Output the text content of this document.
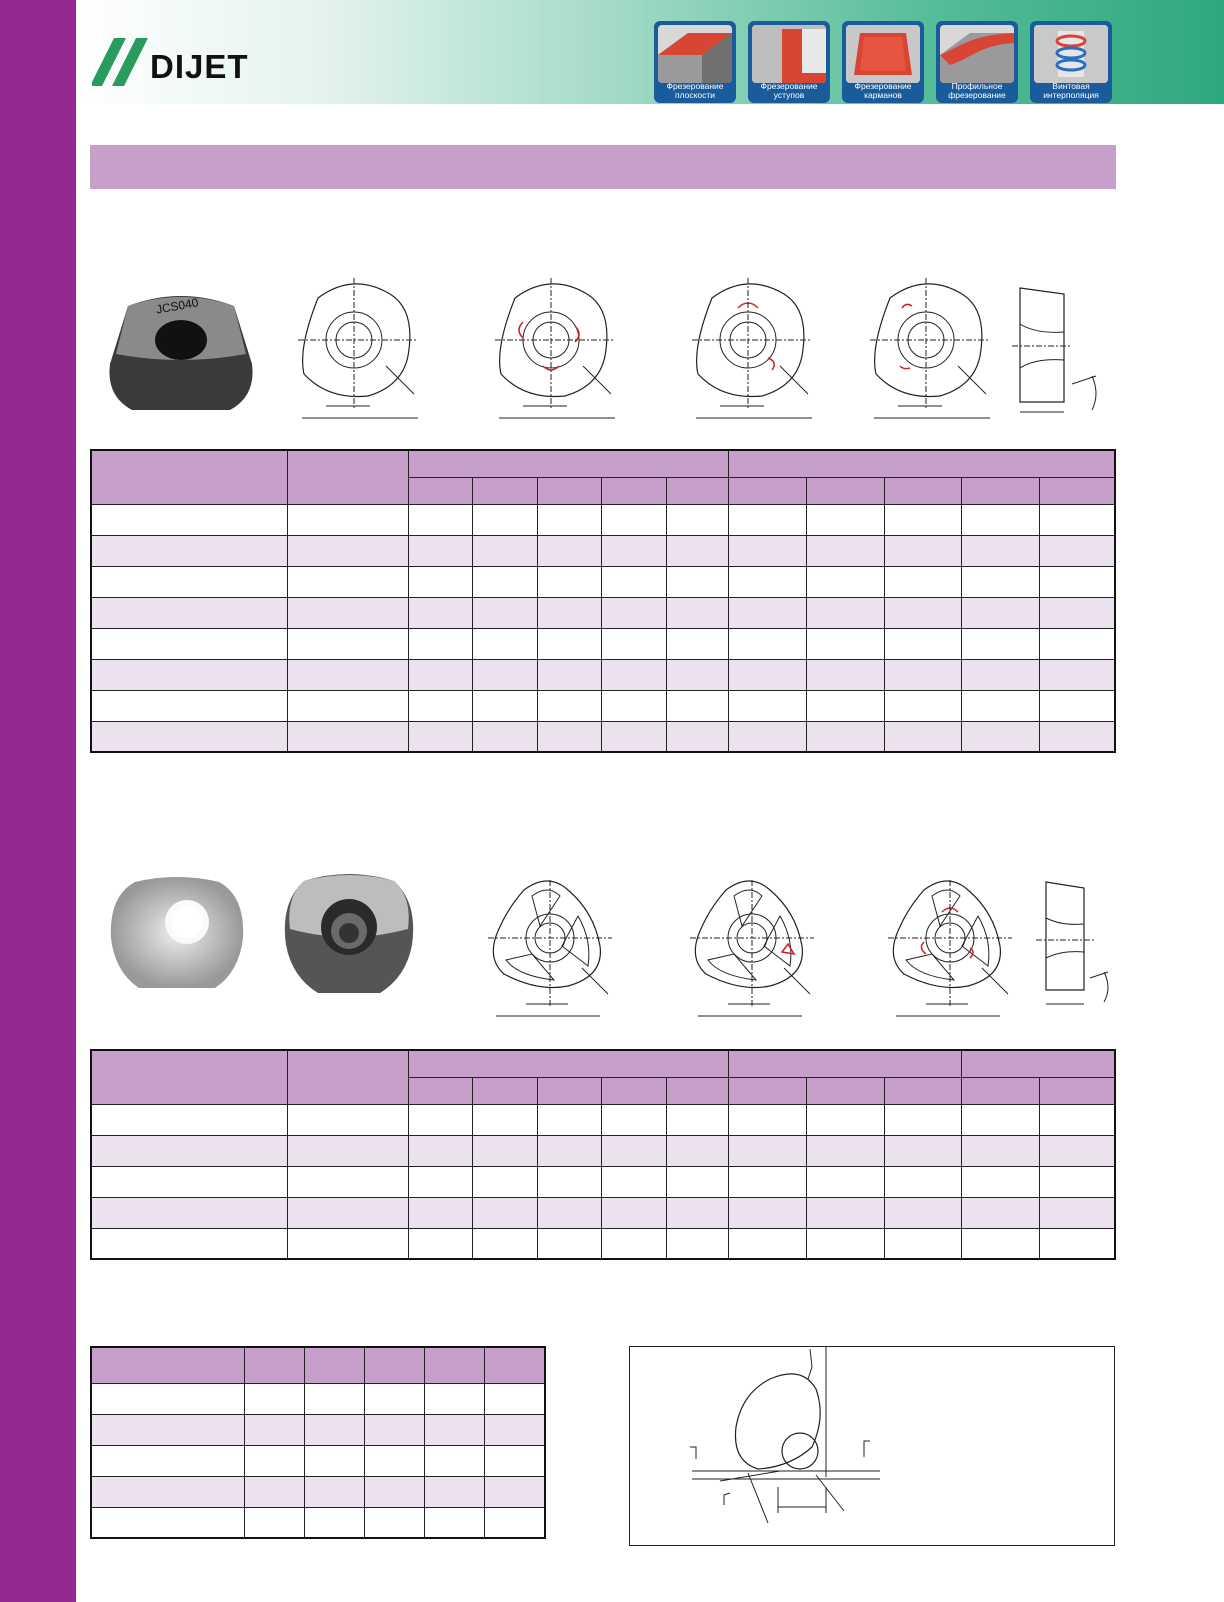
DIJET
Фрезерование
плоскости
Фрезерование
уступов
Фрезерование
карманов
Профильное
фрезерование
Винтовая
интерполяция
JCS040
